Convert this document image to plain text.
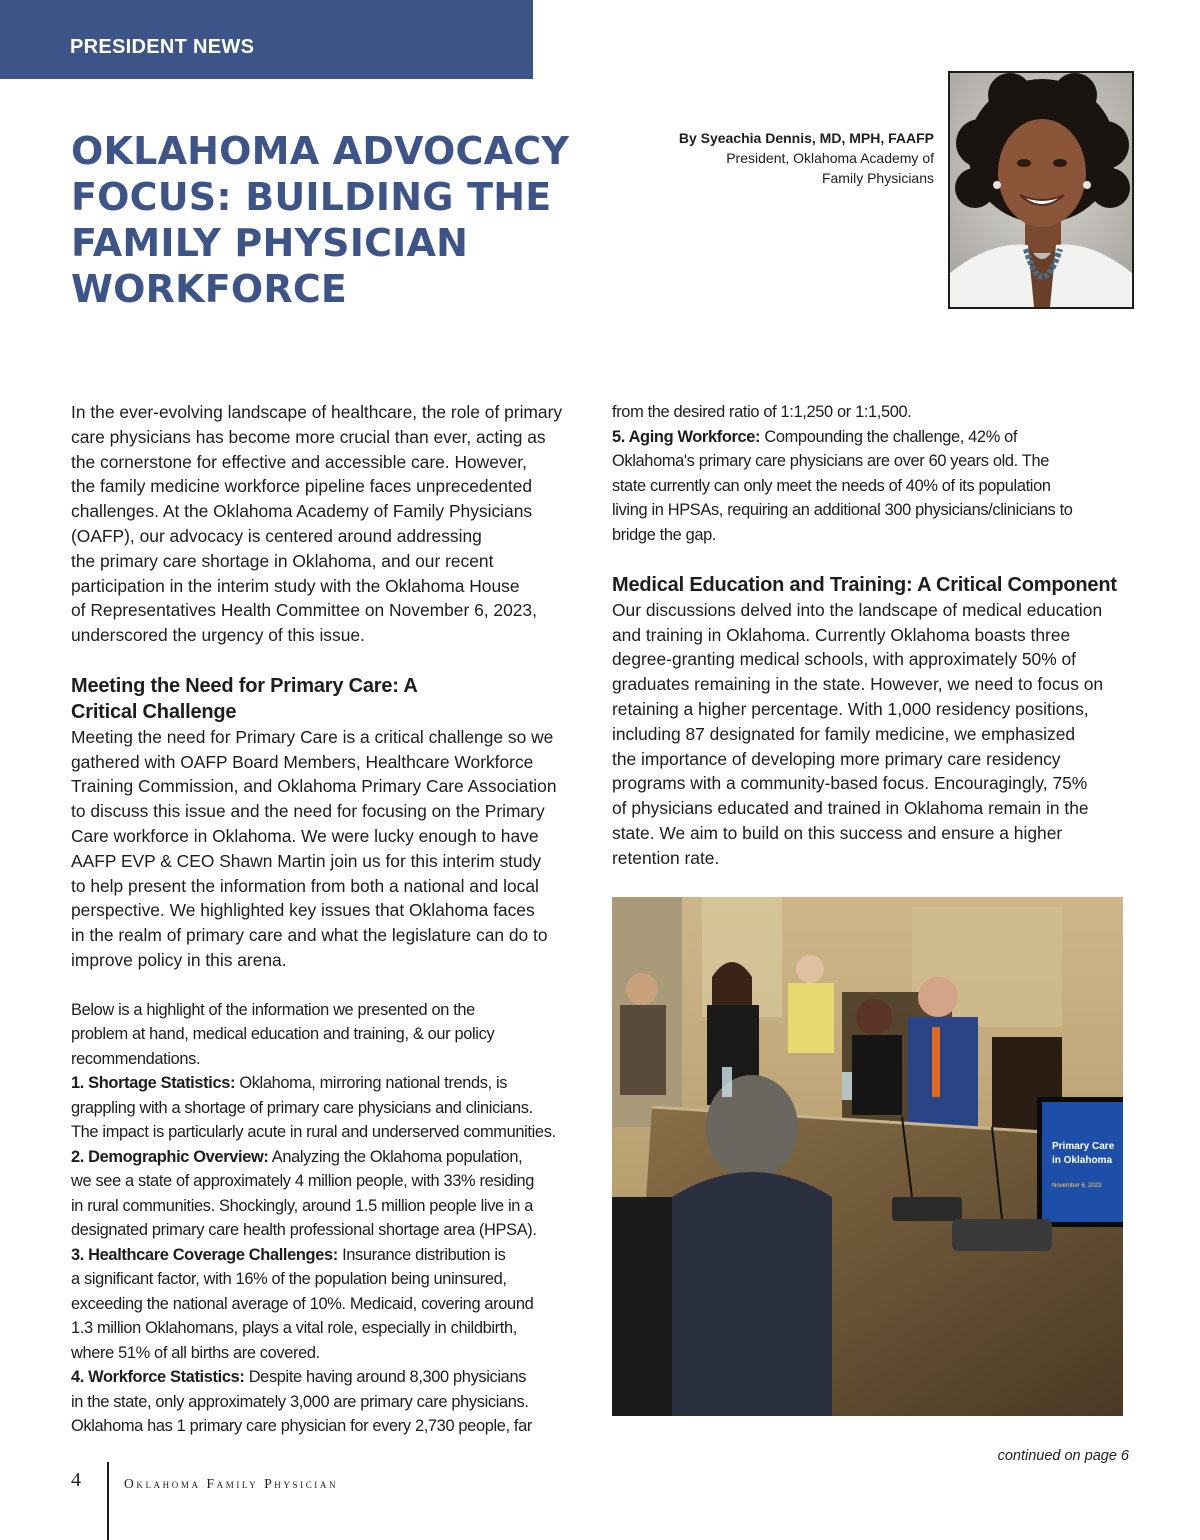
PRESIDENT NEWS
OKLAHOMA ADVOCACY
FOCUS: BUILDING THE
FAMILY PHYSICIAN
WORKFORCE
By Syeachia Dennis, MD, MPH, FAAFP
President, Oklahoma Academy of
Family Physicians

In the ever-evolving landscape of healthcare, the role of primary
care physicians has become more crucial than ever, acting as
the cornerstone for effective and accessible care. However,
the family medicine workforce pipeline faces unprecedented
challenges. At the Oklahoma Academy of Family Physicians
(OAFP), our advocacy is centered around addressing
the primary care shortage in Oklahoma, and our recent
participation in the interim study with the Oklahoma House
of Representatives Health Committee on November 6, 2023,
underscored the urgency of this issue.

Meeting the Need for Primary Care: A
Critical Challenge

Meeting the need for Primary Care is a critical challenge so we
gathered with OAFP Board Members, Healthcare Workforce
Training Commission, and Oklahoma Primary Care Association
to discuss this issue and the need for focusing on the Primary
Care workforce in Oklahoma. We were lucky enough to have
AAFP EVP & CEO Shawn Martin join us for this interim study
to help present the information from both a national and local
perspective. We highlighted key issues that Oklahoma faces
in the realm of primary care and what the legislature can do to
improve policy in this arena.

Below is a highlight of the information we presented on the
problem at hand, medical education and training, & our policy
recommendations.
1. Shortage Statistics: Oklahoma, mirroring national trends, is
grappling with a shortage of primary care physicians and clinicians.
The impact is particularly acute in rural and underserved communities.
2. Demographic Overview: Analyzing the Oklahoma population,
we see a state of approximately 4 million people, with 33% residing
in rural communities. Shockingly, around 1.5 million people live in a
designated primary care health professional shortage area (HPSA).
3. Healthcare Coverage Challenges: Insurance distribution is
a significant factor, with 16% of the population being uninsured,
exceeding the national average of 10%. Medicaid, covering around
1.3 million Oklahomans, plays a vital role, especially in childbirth,
where 51% of all births are covered.
4. Workforce Statistics: Despite having around 8,300 physicians
in the state, only approximately 3,000 are primary care physicians.
Oklahoma has 1 primary care physician for every 2,730 people, far
from the desired ratio of 1:1,250 or 1:1,500.
5. Aging Workforce: Compounding the challenge, 42% of
Oklahoma's primary care physicians are over 60 years old. The
state currently can only meet the needs of 40% of its population
living in HPSAs, requiring an additional 300 physicians/clinicians to
bridge the gap.
Medical Education and Training: A Critical Component

Our discussions delved into the landscape of medical education
and training in Oklahoma. Currently Oklahoma boasts three
degree-granting medical schools, with approximately 50% of
graduates remaining in the state. However, we need to focus on
retaining a higher percentage. With 1,000 residency positions,
including 87 designated for family medicine, we emphasized
the importance of developing more primary care residency
programs with a community-based focus. Encouragingly, 75%
of physicians educated and trained in Oklahoma remain in the
state. We aim to build on this success and ensure a higher
retention rate.

Primary Care
in Oklahoma
November 6, 2023
continued on page 6
4	Oklahoma Family Physician
